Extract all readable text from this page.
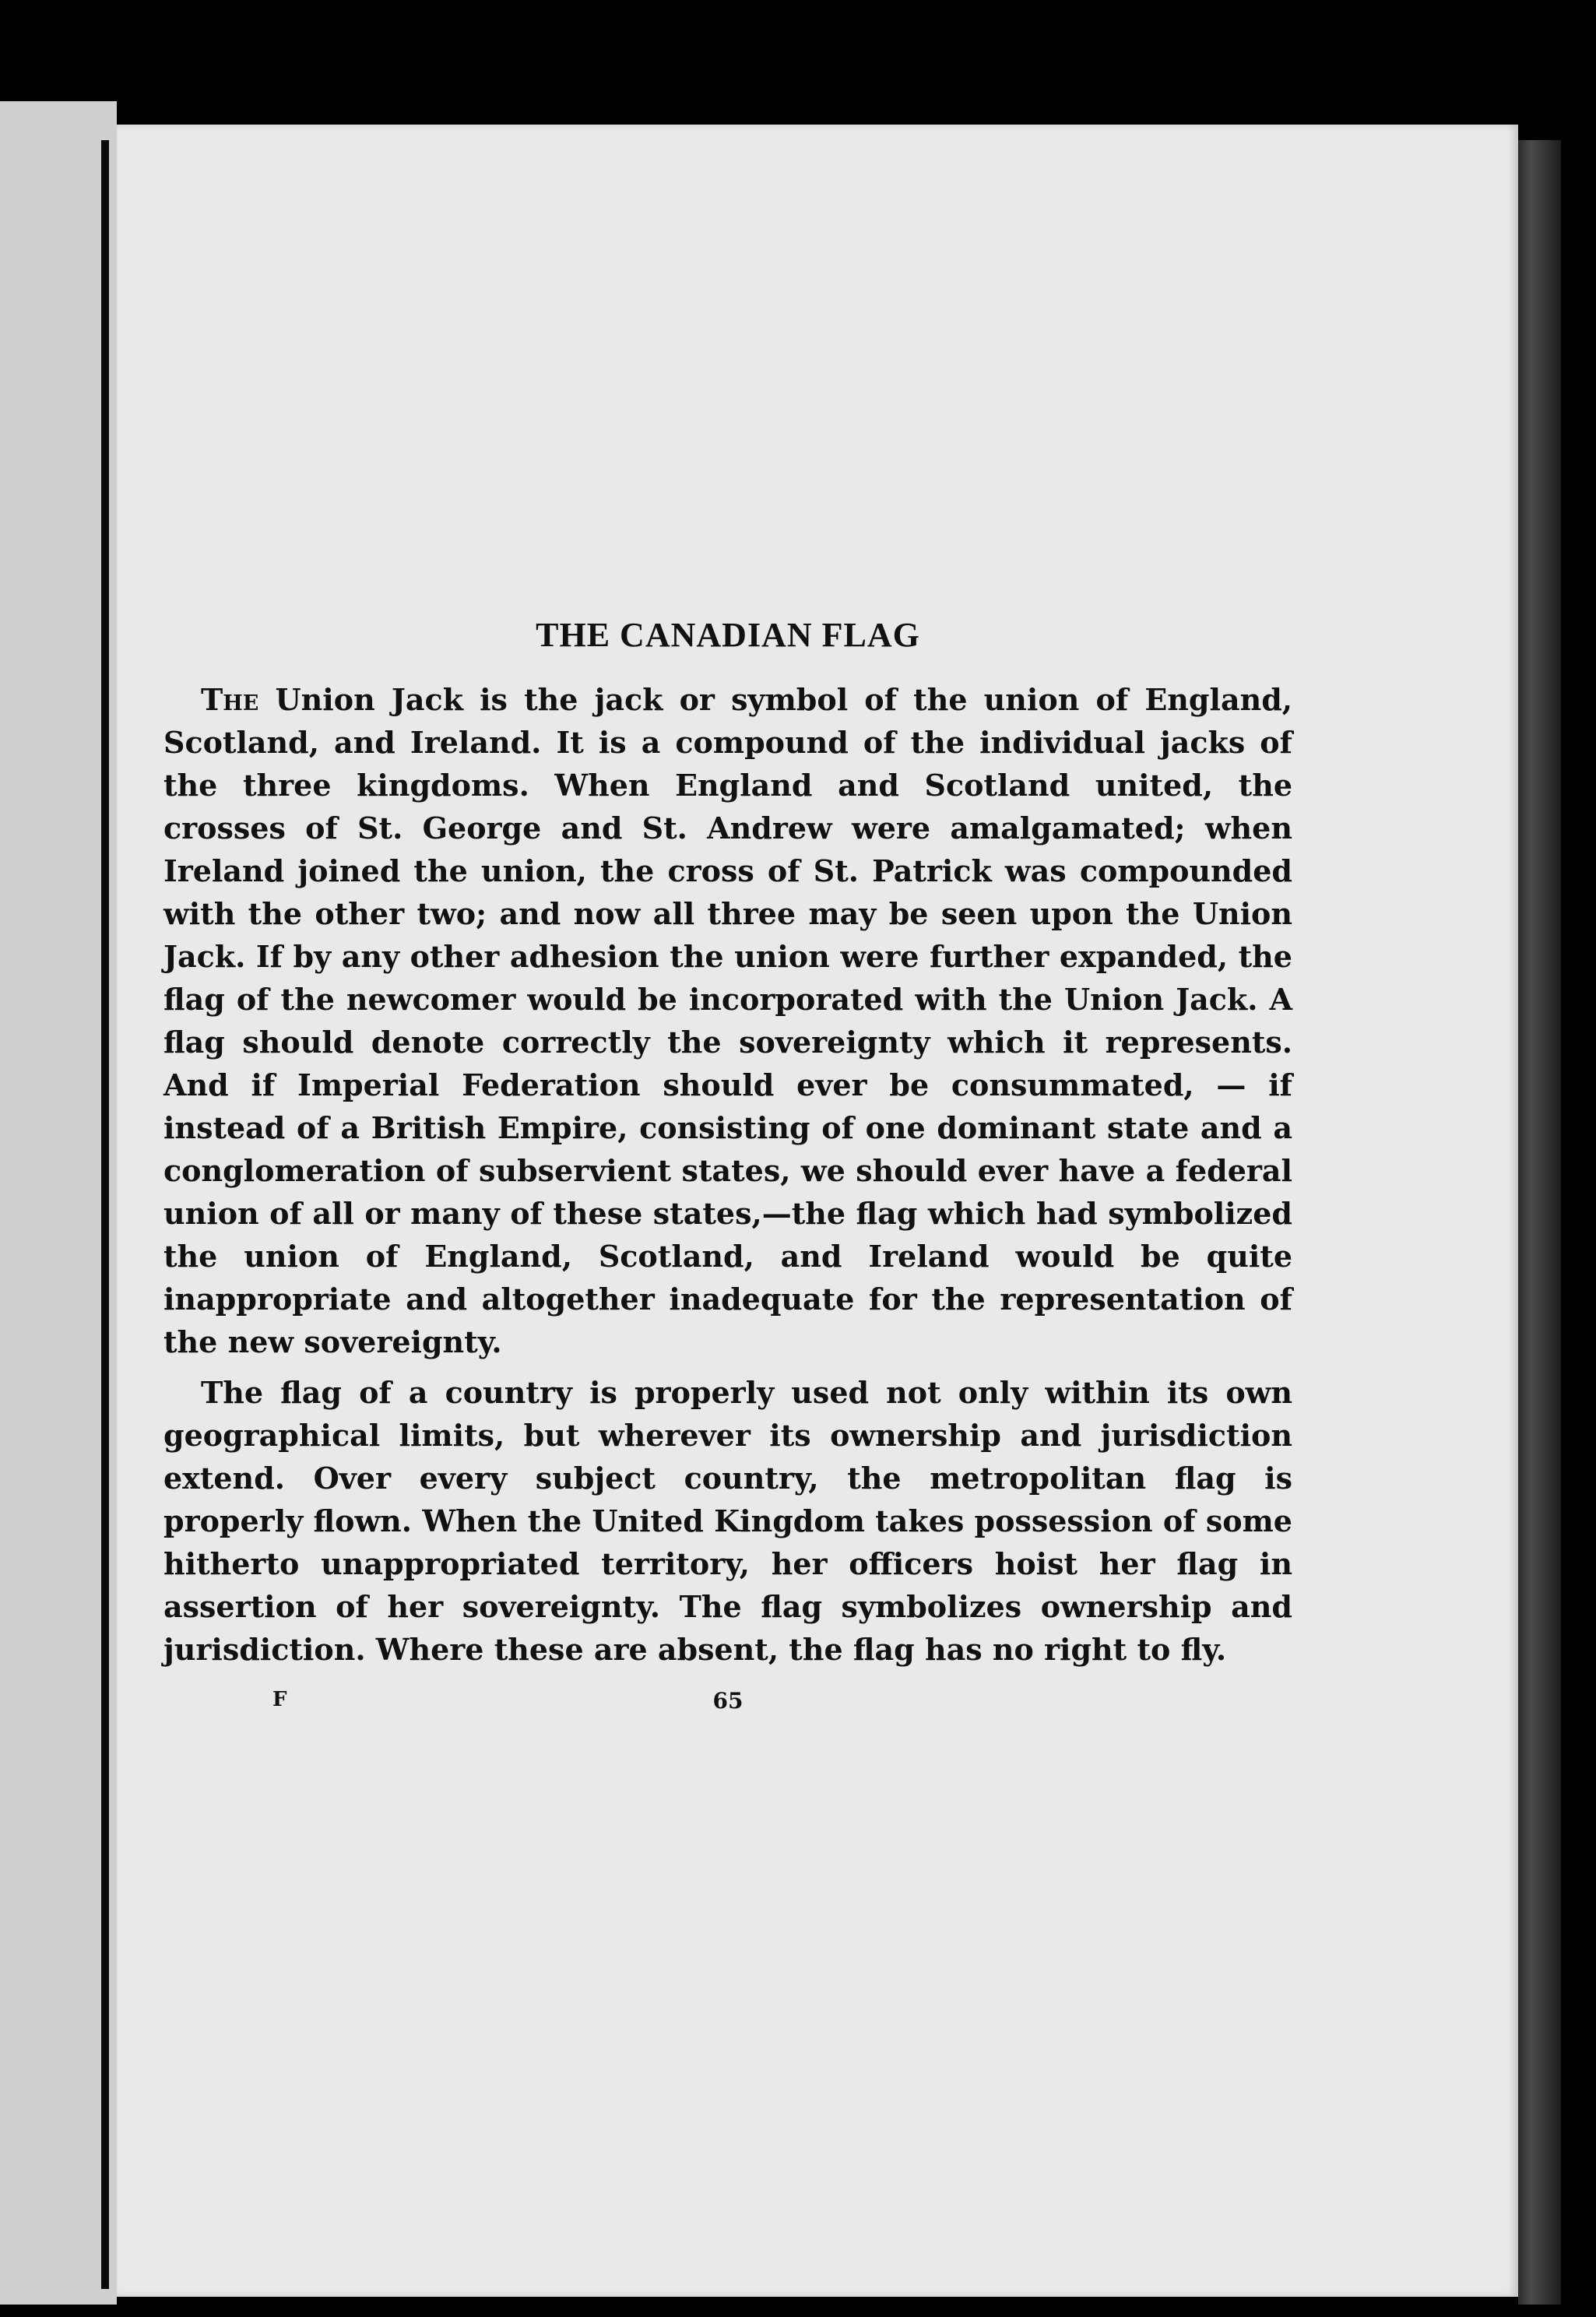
THE CANADIAN FLAG

The Union Jack is the jack or symbol of the union of England, Scotland, and Ireland. It is a compound of the individual jacks of the three kingdoms. When England and Scotland united, the crosses of St. George and St. Andrew were amalgamated; when Ireland joined the union, the cross of St. Patrick was compounded with the other two; and now all three may be seen upon the Union Jack. If by any other adhesion the union were further expanded, the flag of the newcomer would be incorporated with the Union Jack. A flag should denote correctly the sovereignty which it represents. And if Imperial Federation should ever be consummated, — if instead of a British Empire, consisting of one dominant state and a conglomeration of subservient states, we should ever have a federal union of all or many of these states,—the flag which had symbolized the union of England, Scotland, and Ireland would be quite inappropriate and altogether inadequate for the representation of the new sovereignty.

The flag of a country is properly used not only within its own geographical limits, but wherever its ownership and jurisdiction extend. Over every subject country, the metropolitan flag is properly flown. When the United Kingdom takes possession of some hitherto unappropriated territory, her officers hoist her flag in assertion of her sovereignty. The flag symbolizes ownership and jurisdiction. Where these are absent, the flag has no right to fly.

F	65
